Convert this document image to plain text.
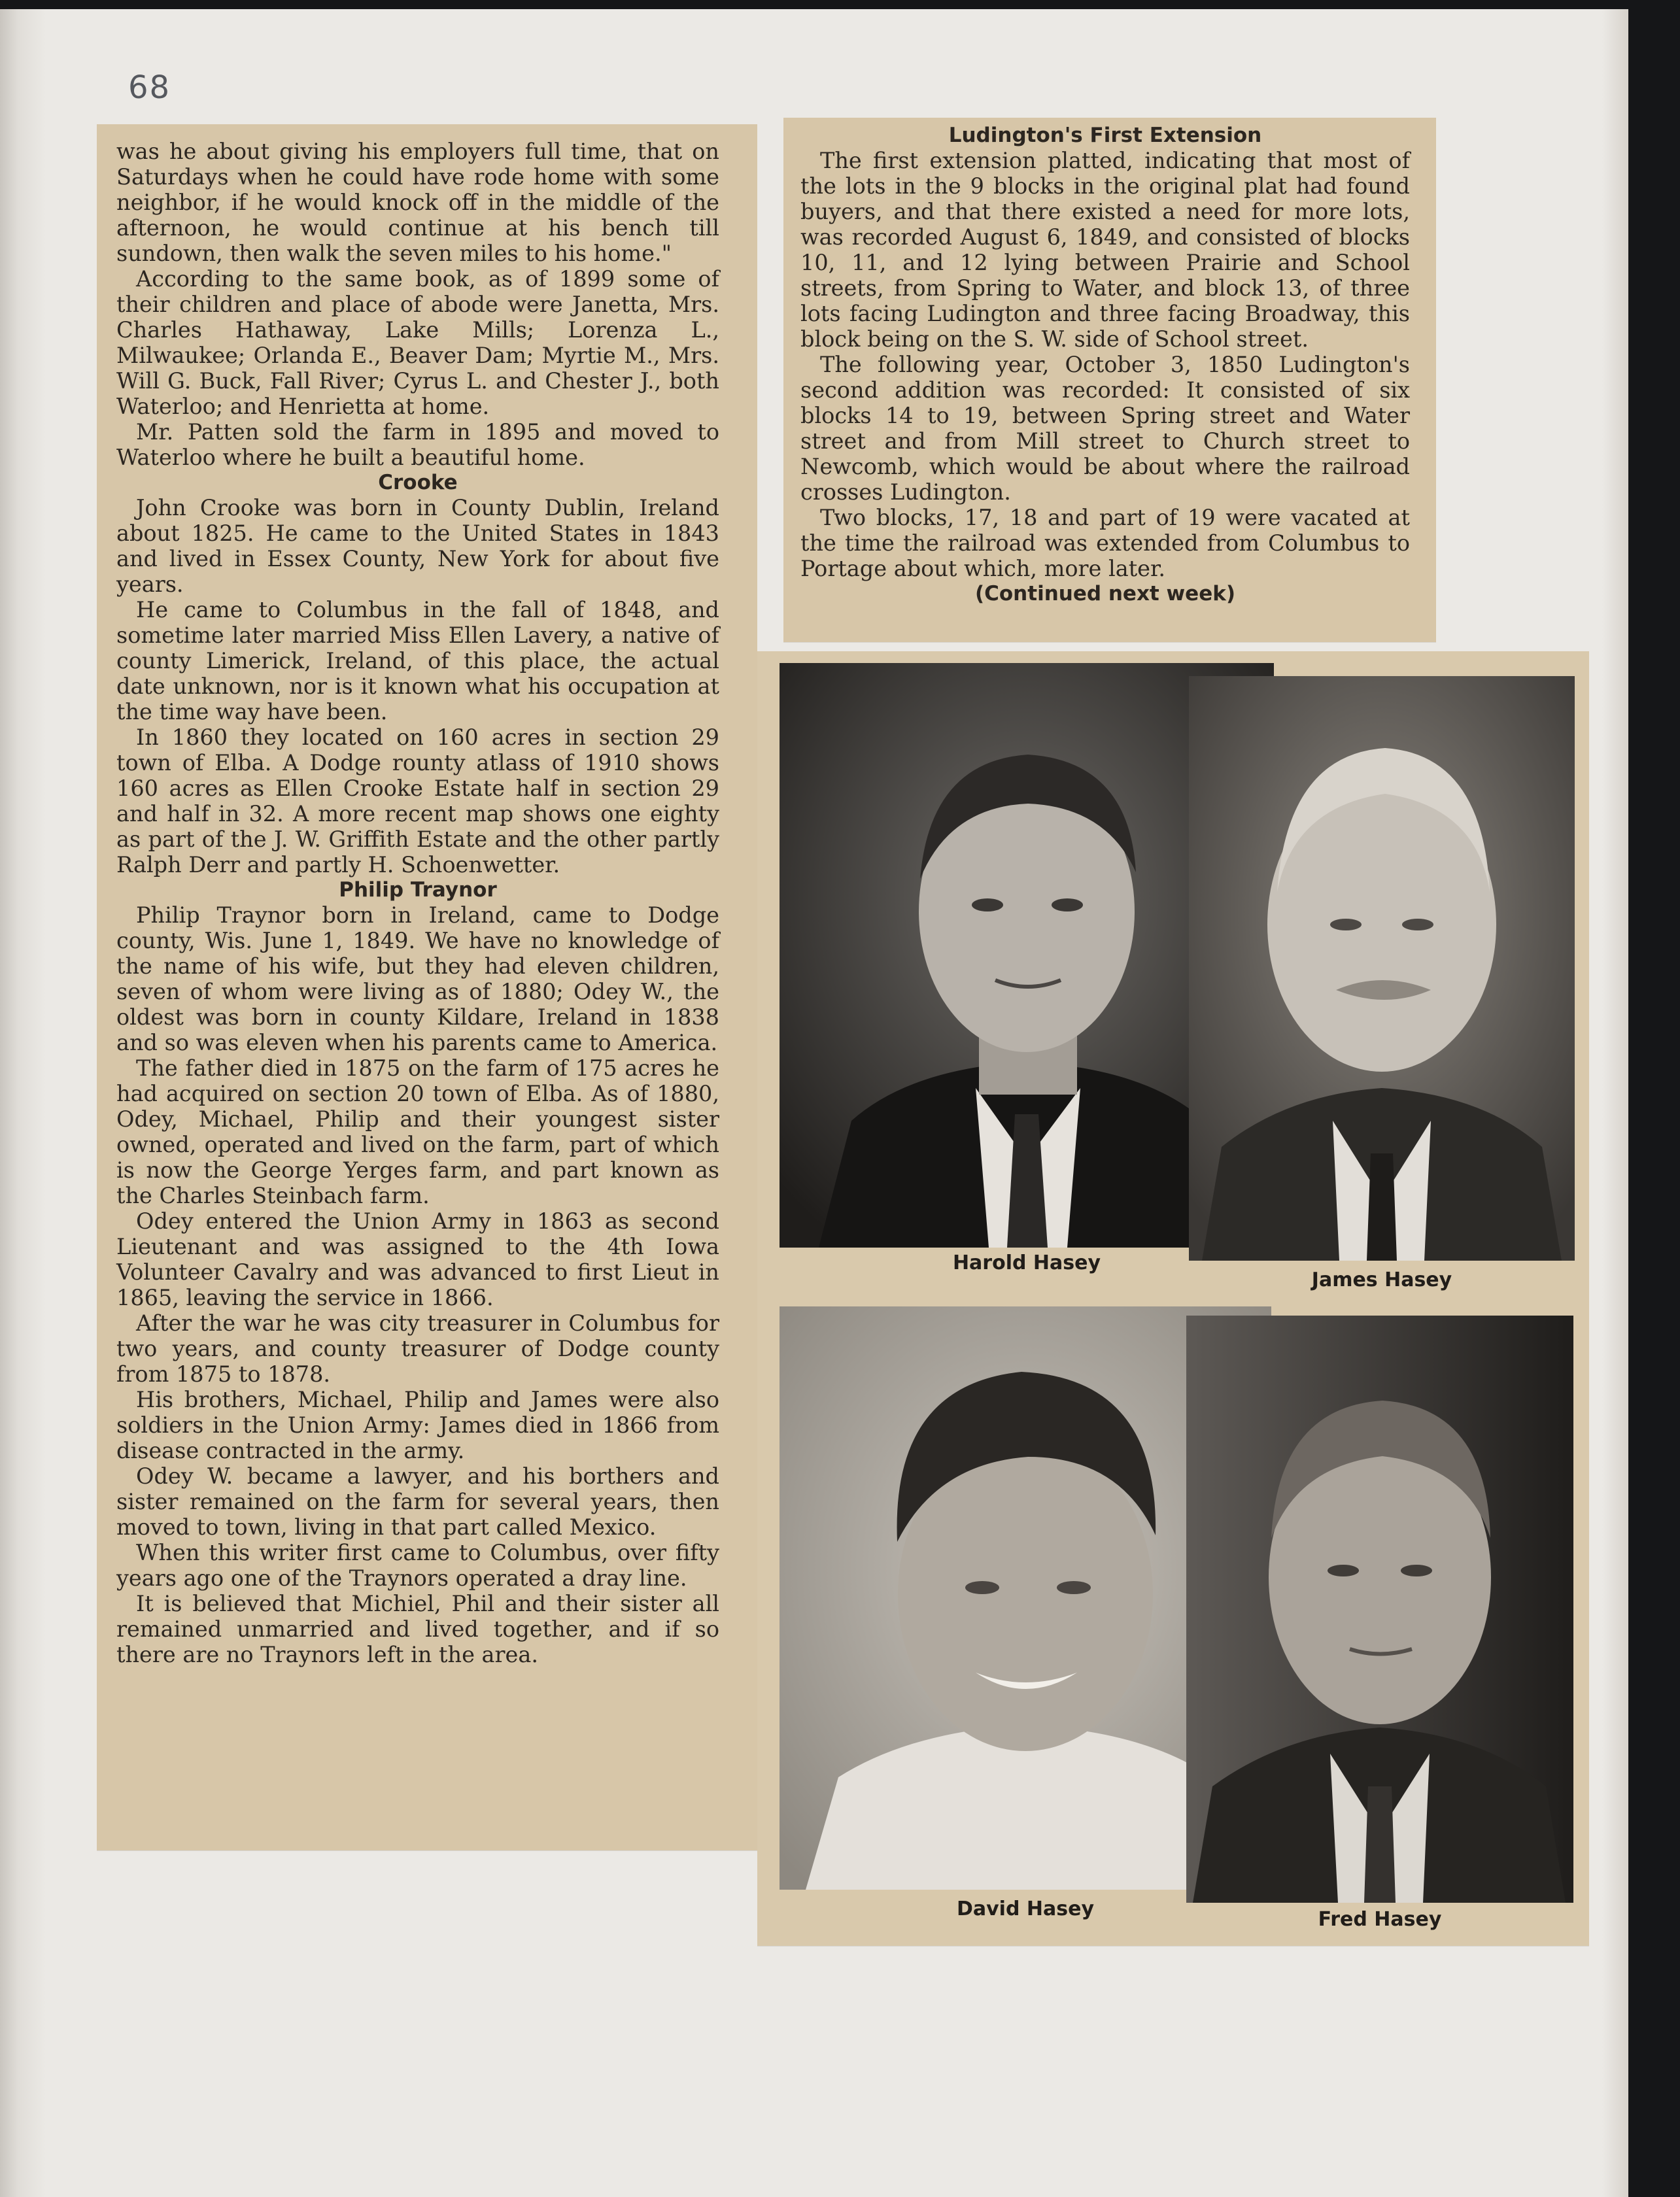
68

was he about giving his employers full time, that on Saturdays when he could have rode home with some neighbor, if he would knock off in the middle of the afternoon, he would continue at his bench till sundown, then walk the seven miles to his home."

According to the same book, as of 1899 some of their children and place of abode were Janetta, Mrs. Charles Hathaway, Lake Mills; Lorenza L., Milwaukee; Orlanda E., Beaver Dam; Myrtie M., Mrs. Will G. Buck, Fall River; Cyrus L. and Chester J., both Waterloo; and Henrietta at home.

Mr. Patten sold the farm in 1895 and moved to Waterloo where he built a beautiful home.

Crooke

John Crooke was born in County Dublin, Ireland about 1825. He came to the United States in 1843 and lived in Essex County, New York for about five years.

He came to Columbus in the fall of 1848, and sometime later married Miss Ellen Lavery, a native of county Limerick, Ireland, of this place, the actual date unknown, nor is it known what his occupation at the time way have been.

In 1860 they located on 160 acres in section 29 town of Elba. A Dodge rounty atlass of 1910 shows 160 acres as Ellen Crooke Estate half in section 29 and half in 32. A more recent map shows one eighty as part of the J. W. Griffith Estate and the other partly Ralph Derr and partly H. Schoenwetter.

Philip Traynor

Philip Traynor born in Ireland, came to Dodge county, Wis. June 1, 1849. We have no knowledge of the name of his wife, but they had eleven children, seven of whom were living as of 1880; Odey W., the oldest was born in county Kildare, Ireland in 1838 and so was eleven when his parents came to America.

The father died in 1875 on the farm of 175 acres he had acquired on section 20 town of Elba. As of 1880, Odey, Michael, Philip and their youngest sister owned, operated and lived on the farm, part of which is now the George Yerges farm, and part known as the Charles Steinbach farm.

Odey entered the Union Army in 1863 as second Lieutenant and was assigned to the 4th Iowa Volunteer Cavalry and was advanced to first Lieut in 1865, leaving the service in 1866.

After the war he was city treasurer in Columbus for two years, and county treasurer of Dodge county from 1875 to 1878.

His brothers, Michael, Philip and James were also soldiers in the Union Army: James died in 1866 from disease contracted in the army.

Odey W. became a lawyer, and his borthers and sister remained on the farm for several years, then moved to town, living in that part called Mexico.

When this writer first came to Columbus, over fifty years ago one of the Traynors operated a dray line.

It is believed that Michiel, Phil and their sister all remained unmarried and lived together, and if so there are no Traynors left in the area.

Ludington's First Extension

The first extension platted, indicating that most of the lots in the 9 blocks in the original plat had found buyers, and that there existed a need for more lots, was recorded August 6, 1849, and consisted of blocks 10, 11, and 12 lying between Prairie and School streets, from Spring to Water, and block 13, of three lots facing Ludington and three facing Broadway, this block being on the S. W. side of School street.

The following year, October 3, 1850 Ludington's second addition was recorded: It consisted of six blocks 14 to 19, between Spring street and Water street and from Mill street to Church street to Newcomb, which would be about where the railroad crosses Ludington.

Two blocks, 17, 18 and part of 19 were vacated at the time the railroad was extended from Columbus to Portage about which, more later.

(Continued next week)
Harold Hasey
James Hasey
David Hasey	Fred Hasey
